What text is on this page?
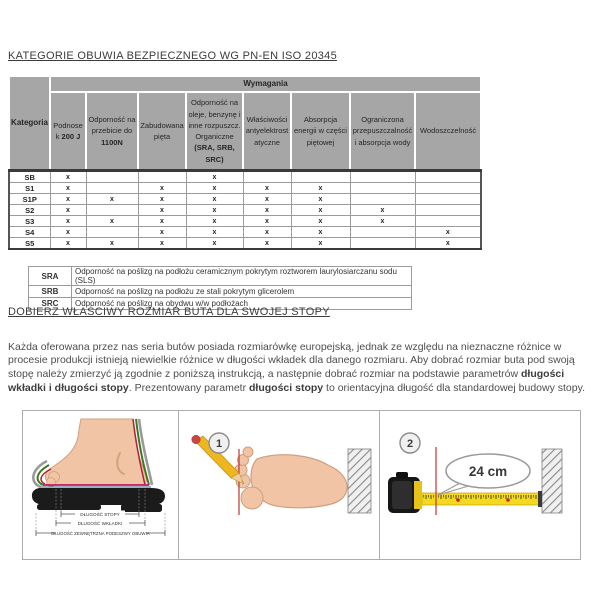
KATEGORIE OBUWIA BEZPIECZNEGO WG PN-EN ISO 20345
Kategoria	Wymagania							
	Podnosek 200 J	Odporność na przebicie do 1100N	Zabudowana pięta	Odporność na oleje, benzynę i inne rozpuszcz. Organiczne (SRA, SRB, SRC)	Właściwości antyelektrostatyczne	Absorpcja energii w części piętowej	Ograniczona przepuszczalność i absorpcja wody	Wodoszczelność
SB	x			x				
S1	x		x	x	x	x		
S1P	x	x	x	x	x	x		
S2	x		x	x	x	x	x	
S3	x	x	x	x	x	x	x	
S4	x		x	x	x	x		x
S5	x	x	x	x	x	x		x
SRA	Odporność na poślizg na podłożu ceramicznym pokrytym roztworem laurylosiarczanu sodu (SLS)
SRB	Odporność na poślizg na podłożu ze stali pokrytym glicerolem
SRC	Odporność na poślizg na obydwu w/w podłożach
DOBIERZ WŁAŚCIWY ROZMIAR BUTA DLA SWOJEJ STOPY

Każda oferowana przez nas seria butów posiada rozmiarówkę europejską, jednak ze względu na nieznaczne różnice w procesie produkcji istnieją niewielkie różnice w długości wkładek dla danego rozmiaru. Aby dobrać rozmiar buta pod swoją stopę należy zmierzyć ją zgodnie z poniższą instrukcją, a następnie dobrać rozmiar na podstawie parametrów długości wkładki i długości stopy. Prezentowany parametr długości stopy to orientacyjna długość dla standardowej budowy stopy.

DŁUGOŚĆ STOPY
DŁUGOŚĆ WKŁADKI
DŁUGOŚĆ ZEWNĘTRZNA PODESZWY OBUWIA
1
24 cm
2
